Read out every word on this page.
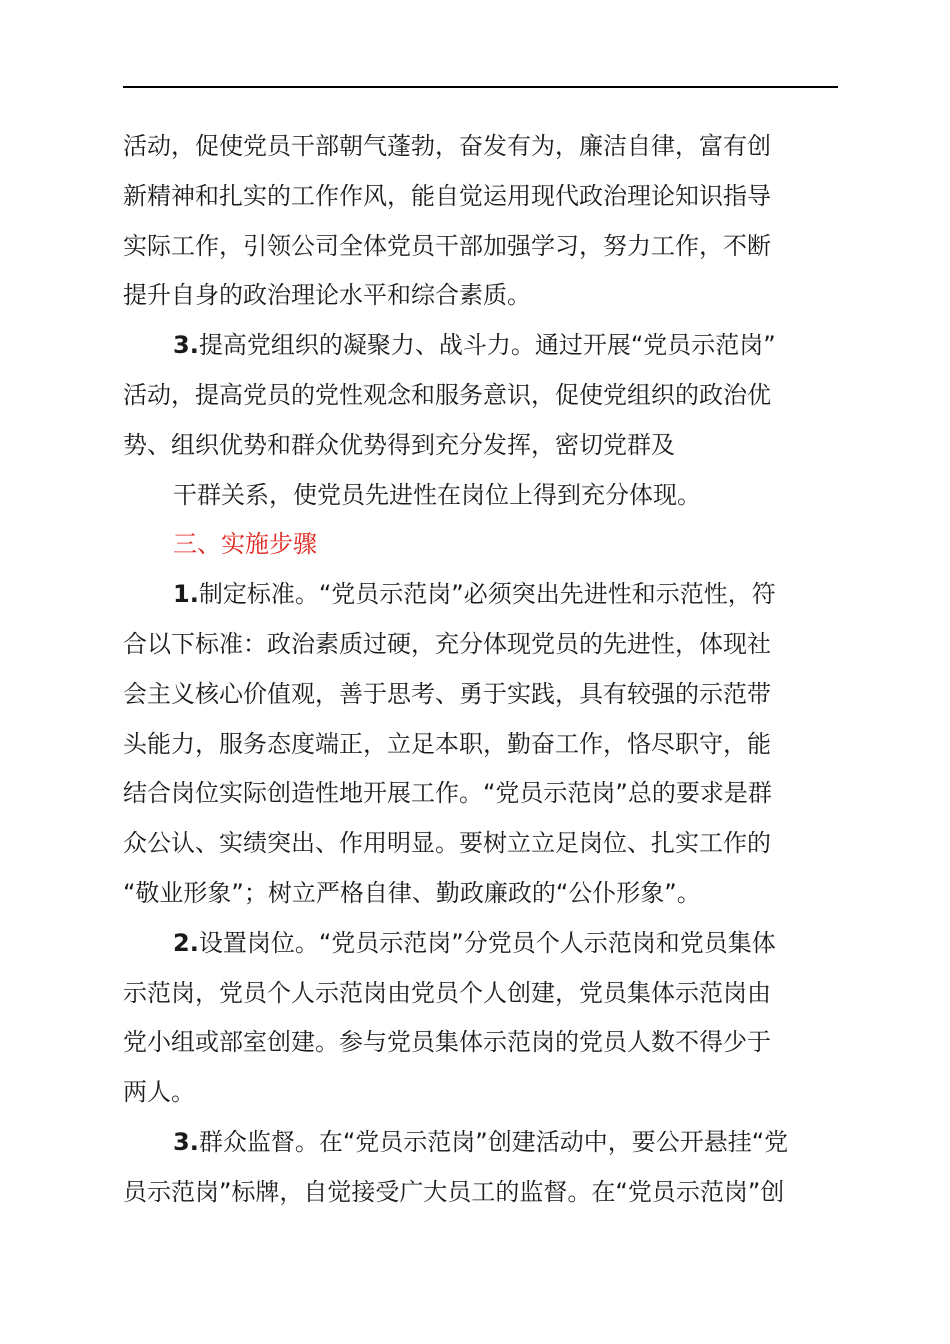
活动，促使党员干部朝气蓬勃，奋发有为，廉洁自律，富有创

新精神和扎实的工作作风，能自觉运用现代政治理论知识指导

实际工作，引领公司全体党员干部加强学习，努力工作，不断

提升自身的政治理论水平和综合素质。

3.提高党组织的凝聚力、战斗力。通过开展“党员示范岗”

活动，提高党员的党性观念和服务意识，促使党组织的政治优

势、组织优势和群众优势得到充分发挥，密切党群及

干群关系，使党员先进性在岗位上得到充分体现。

三、实施步骤

1.制定标准。“党员示范岗”必须突出先进性和示范性，符

合以下标准：政治素质过硬，充分体现党员的先进性，体现社

会主义核心价值观，善于思考、勇于实践，具有较强的示范带

头能力，服务态度端正，立足本职，勤奋工作，恪尽职守，能

结合岗位实际创造性地开展工作。“党员示范岗”总的要求是群

众公认、实绩突出、作用明显。要树立立足岗位、扎实工作的

“敬业形象”；树立严格自律、勤政廉政的“公仆形象”。

2.设置岗位。“党员示范岗”分党员个人示范岗和党员集体

示范岗，党员个人示范岗由党员个人创建，党员集体示范岗由

党小组或部室创建。参与党员集体示范岗的党员人数不得少于

两人。

3.群众监督。在“党员示范岗”创建活动中，要公开悬挂“党

员示范岗”标牌，自觉接受广大员工的监督。在“党员示范岗”创
